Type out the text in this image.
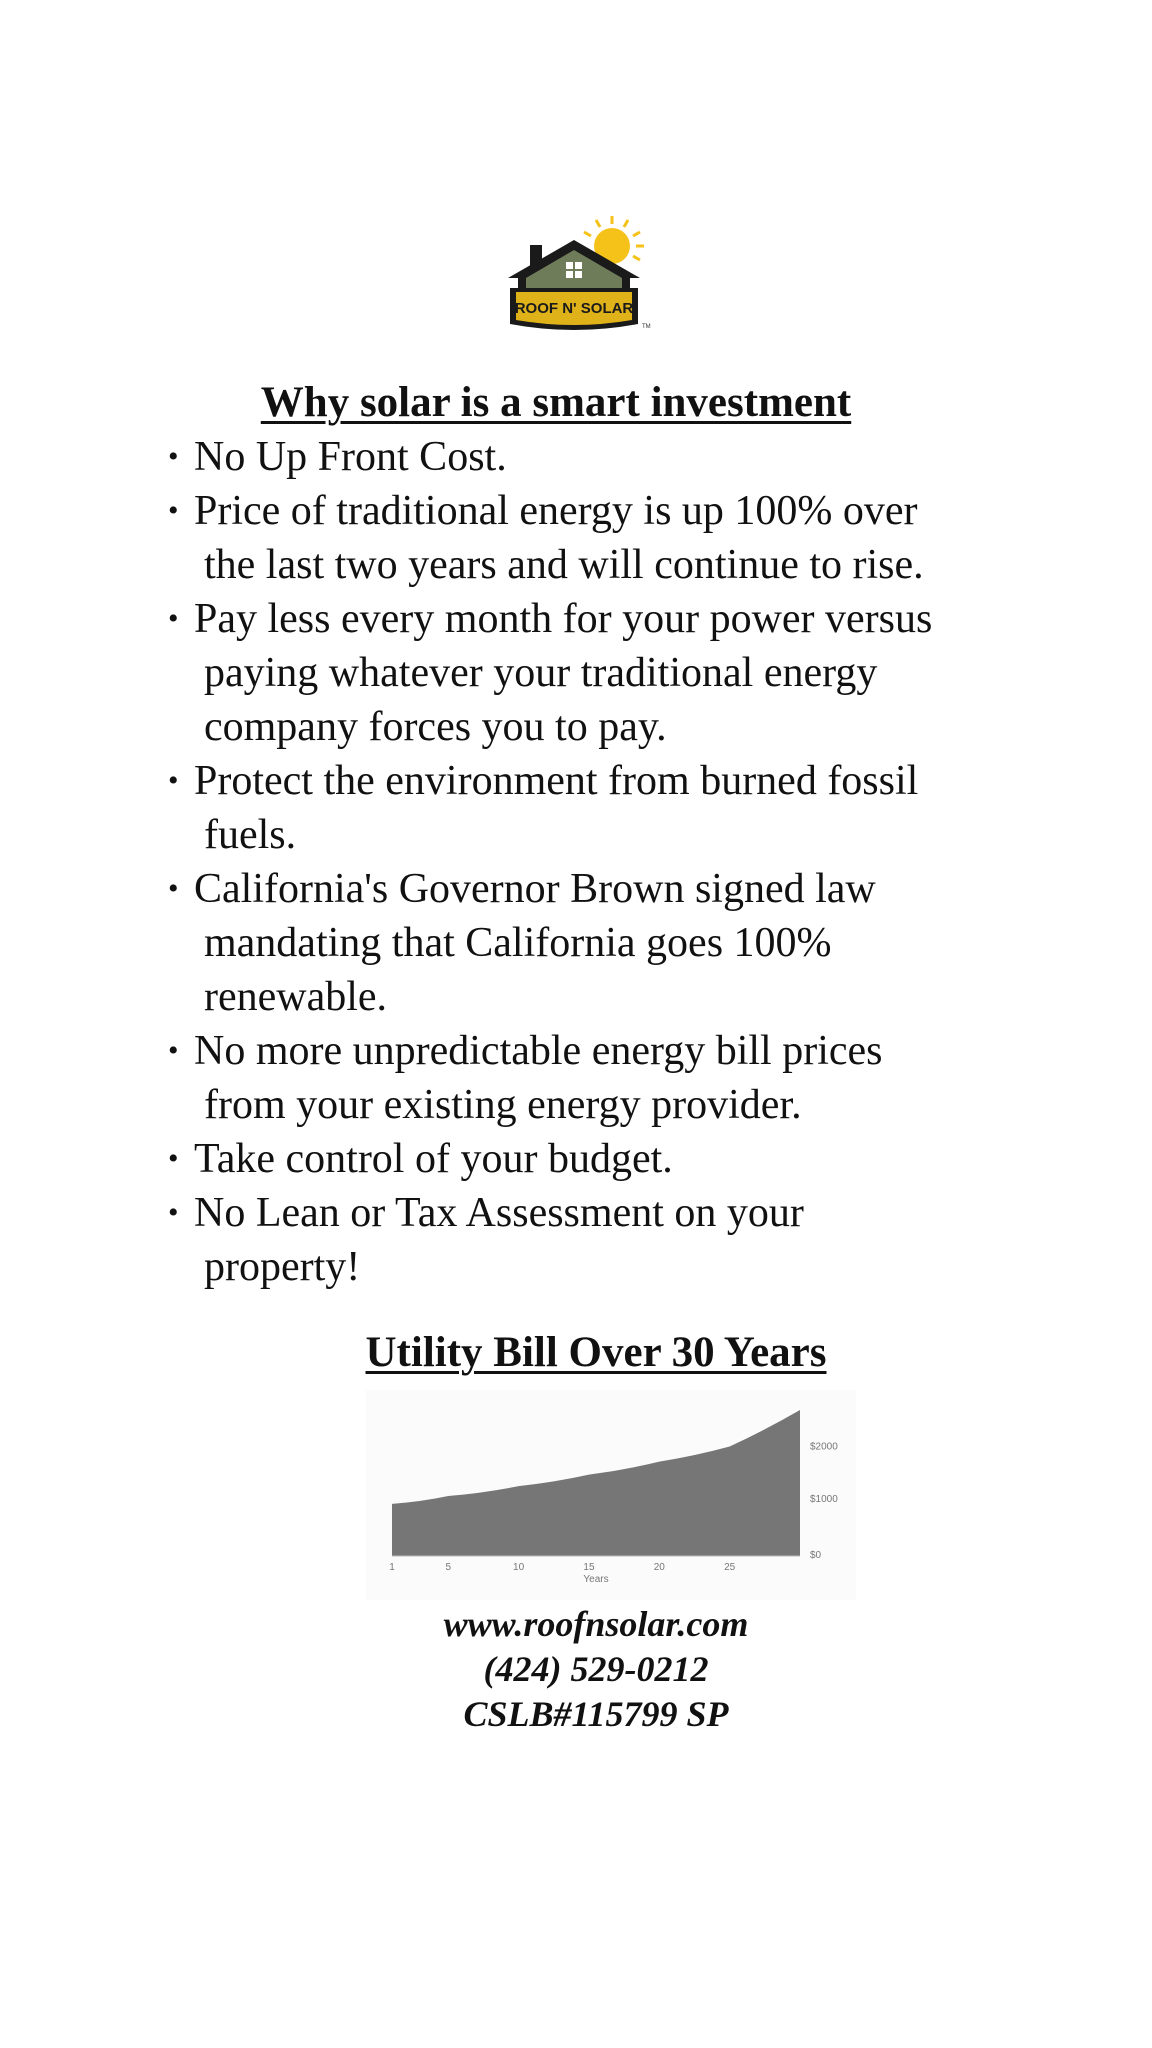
ROOF N' SOLAR
TM
Why solar is a smart investment
• No Up Front Cost.
• Price of traditional energy is up 100% over
the last two years and will continue to rise.
• Pay less every month for your power versus
paying whatever your traditional energy
company forces you to pay.
• Protect the environment from burned fossil
fuels.
• California's Governor Brown signed law
mandating that California goes 100%
renewable.
• No more unpredictable energy bill prices
from your existing energy provider.
• Take control of your budget.
• No Lean or Tax Assessment on your
property!
Utility Bill Over 30 Years
1	5	10	15	20	25
Years
$0
$1000
$2000

www.roofnsolar.com

(424) 529-0212

CSLB#115799 SP
